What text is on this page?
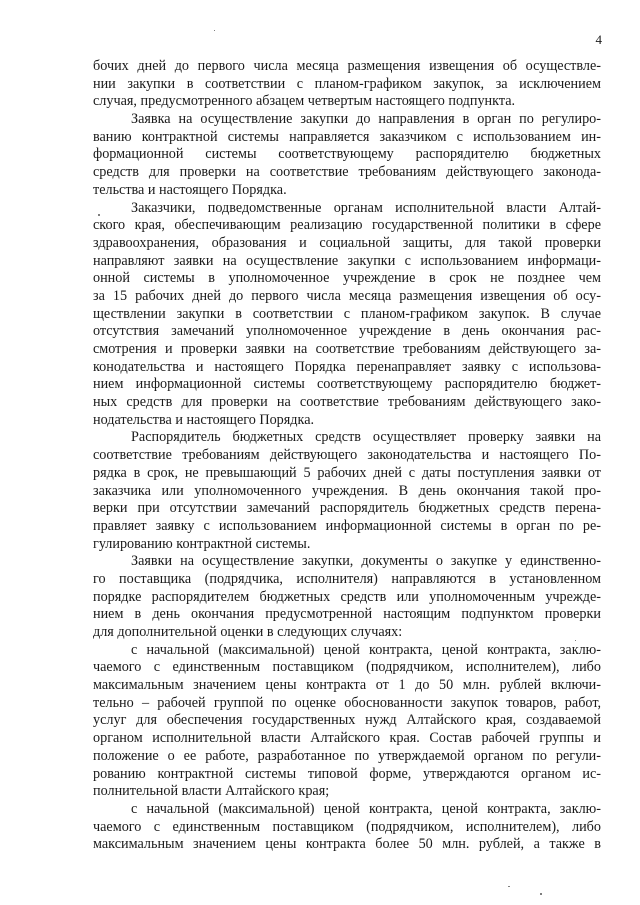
4
бочих дней до первого числа месяца размещения извещения об осуществле-
нии закупки в соответствии с планом-графиком закупок, за исключением
случая, предусмотренного абзацем четвертым настоящего подпункта.
Заявка на осуществление закупки до направления в орган по регулиро-
ванию контрактной системы направляется заказчиком с использованием ин-
формационной системы соответствующему распорядителю бюджетных
средств для проверки на соответствие требованиям действующего законода-
тельства и настоящего Порядка.
Заказчики, подведомственные органам исполнительной власти Алтай-
ского края, обеспечивающим реализацию государственной политики в сфере
здравоохранения, образования и социальной защиты, для такой проверки
направляют заявки на осуществление закупки с использованием информаци-
онной системы в уполномоченное учреждение в срок не позднее чем
за 15 рабочих дней до первого числа месяца размещения извещения об осу-
ществлении закупки в соответствии с планом-графиком закупок. В случае
отсутствия замечаний уполномоченное учреждение в день окончания рас-
смотрения и проверки заявки на соответствие требованиям действующего за-
конодательства и настоящего Порядка перенаправляет заявку с использова-
нием информационной системы соответствующему распорядителю бюджет-
ных средств для проверки на соответствие требованиям действующего зако-
нодательства и настоящего Порядка.
Распорядитель бюджетных средств осуществляет проверку заявки на
соответствие требованиям действующего законодательства и настоящего По-
рядка в срок, не превышающий 5 рабочих дней с даты поступления заявки от
заказчика или уполномоченного учреждения. В день окончания такой про-
верки при отсутствии замечаний распорядитель бюджетных средств перена-
правляет заявку с использованием информационной системы в орган по ре-
гулированию контрактной системы.
Заявки на осуществление закупки, документы о закупке у единственно-
го поставщика (подрядчика, исполнителя) направляются в установленном
порядке распорядителем бюджетных средств или уполномоченным учрежде-
нием в день окончания предусмотренной настоящим подпунктом проверки
для дополнительной оценки в следующих случаях:
с начальной (максимальной) ценой контракта, ценой контракта, заклю-
чаемого с единственным поставщиком (подрядчиком, исполнителем), либо
максимальным значением цены контракта от 1 до 50 млн. рублей включи-
тельно – рабочей группой по оценке обоснованности закупок товаров, работ,
услуг для обеспечения государственных нужд Алтайского края, создаваемой
органом исполнительной власти Алтайского края. Состав рабочей группы и
положение о ее работе, разработанное по утверждаемой органом по регули-
рованию контрактной системы типовой форме, утверждаются органом ис-
полнительной власти Алтайского края;
с начальной (максимальной) ценой контракта, ценой контракта, заклю-
чаемого с единственным поставщиком (подрядчиком, исполнителем), либо
максимальным значением цены контракта более 50 млн. рублей, а также в
